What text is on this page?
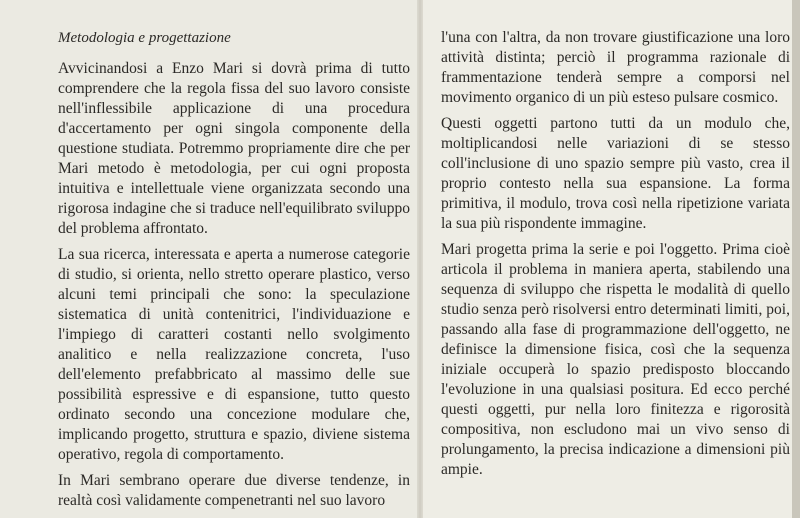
Metodologia e progettazione

Avvicinandosi a Enzo Mari si dovrà prima di tutto comprendere che la regola fissa del suo lavoro consiste nell'inflessibile applicazione di una procedura d'accertamento per ogni singola componente della questione studiata. Potremmo propriamente dire che per Mari metodo è metodologia, per cui ogni proposta intuitiva e intellettuale viene organizzata secondo una rigorosa indagine che si traduce nell'equilibrato sviluppo del problema affrontato.

La sua ricerca, interessata e aperta a numerose categorie di studio, si orienta, nello stretto operare plastico, verso alcuni temi principali che sono: la speculazione sistematica di unità contenitrici, l'individuazione e l'impiego di caratteri costanti nello svolgimento analitico e nella realizzazione concreta, l'uso dell'elemento prefabbricato al massimo delle sue possibilità espressive e di espansione, tutto questo ordinato secondo una concezione modulare che, implicando progetto, struttura e spazio, diviene sistema operativo, regola di comportamento.

In Mari sembrano operare due diverse tendenze, in realtà così validamente compenetranti nel suo lavoro

l'una con l'altra, da non trovare giustificazione una loro attività distinta; perciò il programma razionale di frammentazione tenderà sempre a comporsi nel movimento organico di un più esteso pulsare cosmico.

Questi oggetti partono tutti da un modulo che, moltiplicandosi nelle variazioni di se stesso coll'inclusione di uno spazio sempre più vasto, crea il proprio contesto nella sua espansione. La forma primitiva, il modulo, trova così nella ripetizione variata la sua più rispondente immagine.

Mari progetta prima la serie e poi l'oggetto. Prima cioè articola il problema in maniera aperta, stabilendo una sequenza di sviluppo che rispetta le modalità di quello studio senza però risolversi entro determinati limiti, poi, passando alla fase di programmazione dell'oggetto, ne definisce la dimensione fisica, così che la sequenza iniziale occuperà lo spazio predisposto bloccando l'evoluzione in una qualsiasi positura. Ed ecco perché questi oggetti, pur nella loro finitezza e rigorosità compositiva, non escludono mai un vivo senso di prolungamento, la precisa indicazione a dimensioni più ampie.
